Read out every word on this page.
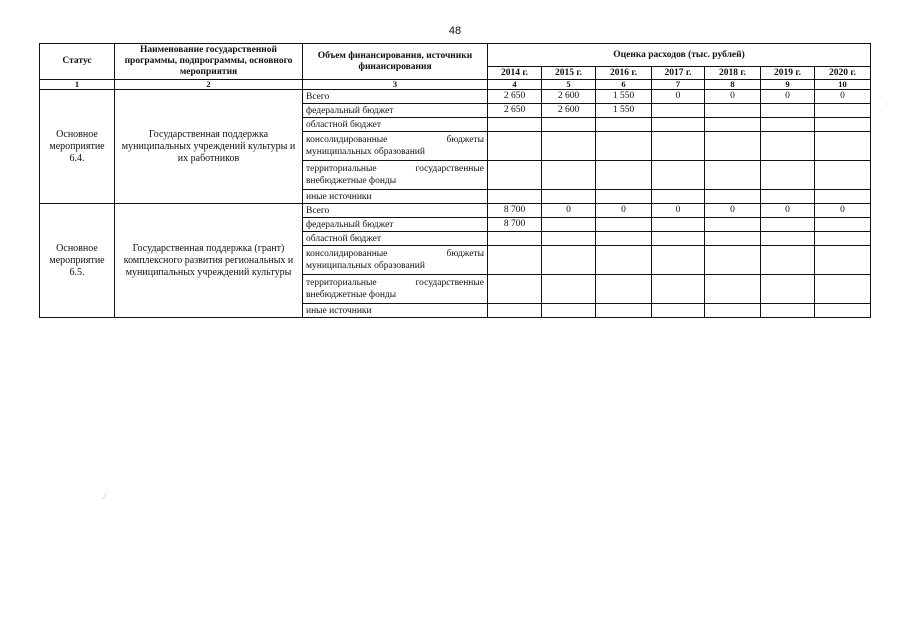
48
Статус	Наименование государственной программы, подпрограммы, основного мероприятия	Объем финансирования, источники финансирования	Оценка расходов (тыс. рублей)						
			2014 г.	2015 г.	2016 г.	2017 г.	2018 г.	2019 г.	2020 г.
1	2	3	4	5	6	7	8	9	10
Основное мероприятие 6.4.	Государственная поддержка муниципальных учреждений культуры и их работников	Всего	2 650	2 600	1 550	0	0	0	0
		федеральный бюджет	2 650	2 600	1 550				
		областной бюджет							

		консолидированные бюджеты
муниципальных образований							

		территориальные государственные
внебюджетные фонды							

		иные источники							
Основное мероприятие 6.5.	Государственная поддержка (грант) комплексного развития региональных и муниципальных учреждений культуры	Всего	8 700	0	0	0	0	0	0
		федеральный бюджет	8 700						
		областной бюджет							

		консолидированные бюджеты
муниципальных образований							

		территориальные государственные
внебюджетные фонды							

		иные источники							
⁄
·
